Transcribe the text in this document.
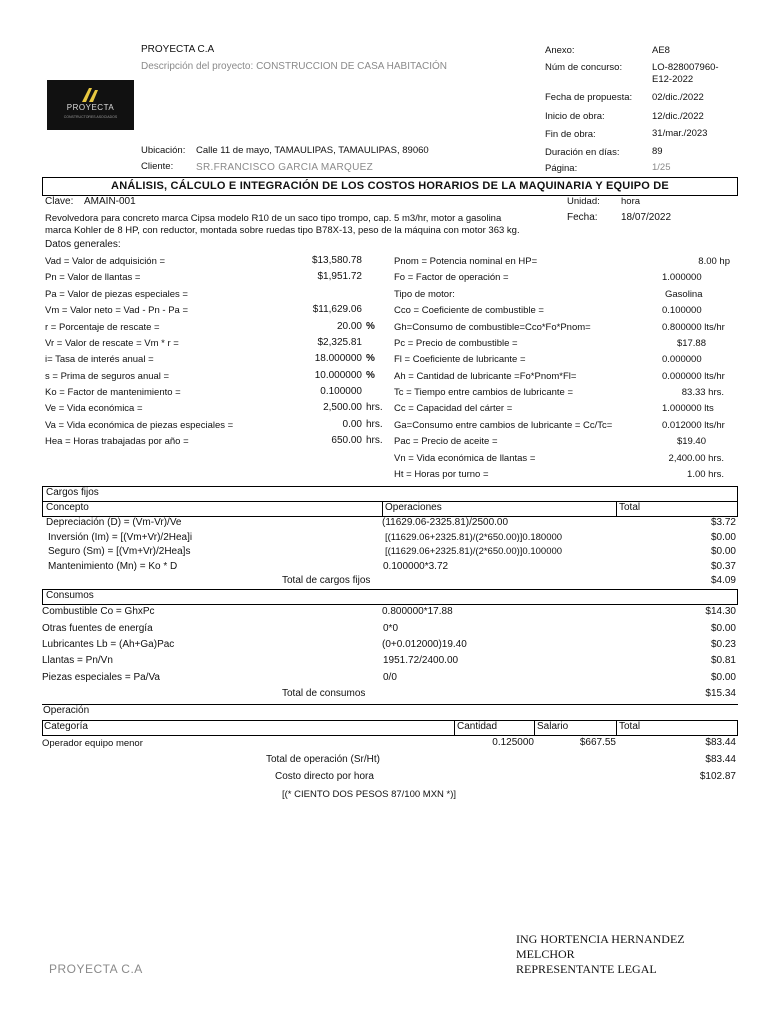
PROYECTA C.A
Descripción del proyecto: CONSTRUCCION DE CASA HABITACIÓN
PROYECTA
CONSTRUCTORES ASOCIADOS
Ubicación: Calle 11 de mayo, TAMAULIPAS, TAMAULIPAS, 89060
Cliente: SR.FRANCISCO GARCIA MARQUEZ
Anexo:	AE8
Núm de concurso:	LO-828007960-
E12-2022
Fecha de propuesta: 02/dic./2022
Inicio de obra:	12/dic./2022
Fin de obra:	31/mar./2023
Duración en días:	89
Página:	1/25
ANÁLISIS, CÁLCULO E INTEGRACIÓN DE LOS COSTOS HORARIOS DE LA MAQUINARIA Y EQUIPO DE
Clave: AMAIN-001	Unidad: hora
Revolvedora para concreto marca Cipsa modelo R10 de un saco tipo trompo, cap. 5 m3/hr, motor a gasolina
marca Kohler de 8 HP, con reductor, montada sobre ruedas tipo B78X-13, peso de la máquina con motor 363 kg.
Fecha: 18/07/2022
Datos generales:
Vad = Valor de adquisición =	$13,580.78
Pn = Valor de llantas =	$1,951.72
Pa = Valor de piezas especiales =
Vm = Valor neto = Vad - Pn - Pa =	$11,629.06
r = Porcentaje de rescate =	20.00 %
Vr = Valor de rescate = Vm * r =	$2,325.81
i= Tasa de interés anual =	18.000000 %
s = Prima de seguros anual =	10.000000 %
Ko = Factor de mantenimiento =	0.100000
Ve = Vida económica =	2,500.00 hrs.
Va = Vida económica de piezas especiales =	0.00 hrs.
Hea = Horas trabajadas por año =	650.00 hrs.
Pnom = Potencia nominal en HP=	8.00 hp
Fo = Factor de operación =	1.000000
Tipo de motor:	Gasolina
Cco = Coeficiente de combustible =	0.100000
Gh=Consumo de combustible=Cco*Fo*Pnom=	0.800000 lts/hr
Pc = Precio de combustible =	$17.88
Fl = Coeficiente de lubricante =	0.000000
Ah = Cantidad de lubricante =Fo*Pnom*Fl=	0.000000 lts/hr
Tc = Tiempo entre cambios de lubricante =	83.33 hrs.
Cc = Capacidad del cárter =	1.000000 lts
Ga=Consumo entre cambios de lubricante = Cc/Tc=	0.012000 lts/hr
Pac = Precio de aceite =	$19.40
Vn = Vida económica de llantas =	2,400.00 hrs.
Ht = Horas por turno =	1.00 hrs.
Cargos fijos
Concepto	Operaciones	Total
Depreciación (D) = (Vm-Vr)/Ve	(11629.06-2325.81)/2500.00	$3.72
Inversión (Im) = [(Vm+Vr)/2Hea]i	[(11629.06+2325.81)/(2*650.00)]0.180000	$0.00
Seguro (Sm) = [(Vm+Vr)/2Hea]s	[(11629.06+2325.81)/(2*650.00)]0.100000	$0.00
Mantenimiento (Mn) = Ko * D	0.100000*3.72	$0.37
Total de cargos fijos	$4.09
Consumos
Combustible Co = GhxPc	0.800000*17.88	$14.30
Otras fuentes de energía	0*0	$0.00
Lubricantes Lb = (Ah+Ga)Pac	(0+0.012000)19.40	$0.23
Llantas = Pn/Vn	1951.72/2400.00	$0.81
Piezas especiales = Pa/Va	0/0	$0.00
Total de consumos	$15.34
Operación
Categoría	Cantidad	Salario	Total
Operador equipo menor	0.125000	$667.55	$83.44
Total de operación (Sr/Ht)	$83.44
Costo directo por hora	$102.87
[(* CIENTO DOS PESOS 87/100 MXN *)]
ING HORTENCIA HERNANDEZ
MELCHOR
REPRESENTANTE LEGAL
PROYECTA C.A
